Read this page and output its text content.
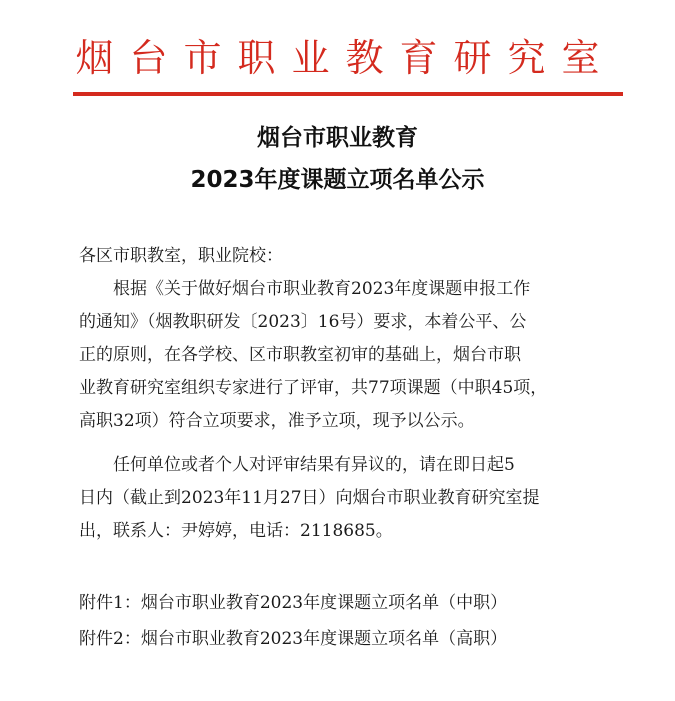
烟台市职业教育研究室
烟台市职业教育
2023年度课题立项名单公示
各区市职教室，职业院校：
　　根据《关于做好烟台市职业教育2023年度课题申报工作
的通知》（烟教职研发〔2023〕16号）要求，本着公平、公
正的原则，在各学校、区市职教室初审的基础上，烟台市职
业教育研究室组织专家进行了评审，共77项课题（中职45项，
高职32项）符合立项要求，准予立项，现予以公示。
　　任何单位或者个人对评审结果有异议的，请在即日起5
日内（截止到2023年11月27日）向烟台市职业教育研究室提
出，联系人：尹婷婷，电话：2118685。
附件1：烟台市职业教育2023年度课题立项名单（中职）
附件2：烟台市职业教育2023年度课题立项名单（高职）
